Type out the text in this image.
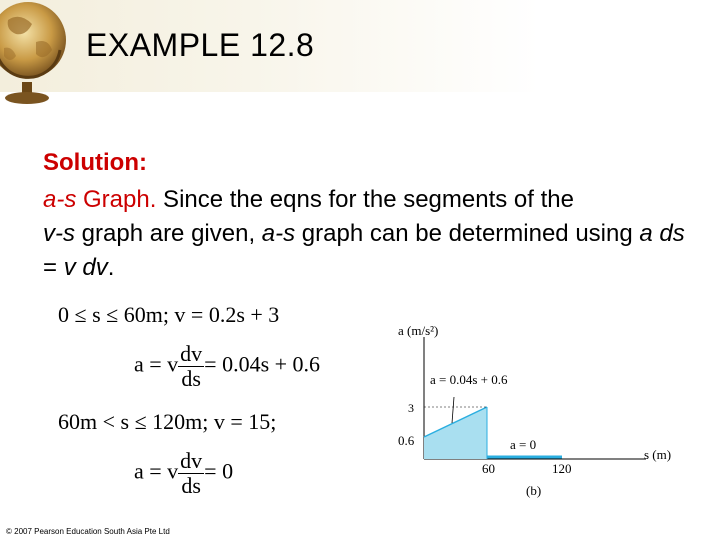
EXAMPLE 12.8
Solution:
a-s Graph. Since the eqns for the segments of the
v-s graph are given, a-s graph can be determined using a ds = v dv.
0 ≤ s ≤ 60m; v = 0.2s + 3
a = v $\frac{dv}{ds} = 0.04s + 0.6$
60m < s ≤ 120m; v = 15;
a = v $\frac{dv}{ds} = 0$
a (m/s²)
a = 0.04s + 0.6
a = 0
3
0.6
60	120
s (m)
(b)
© 2007 Pearson Education South Asia Pte Ltd
